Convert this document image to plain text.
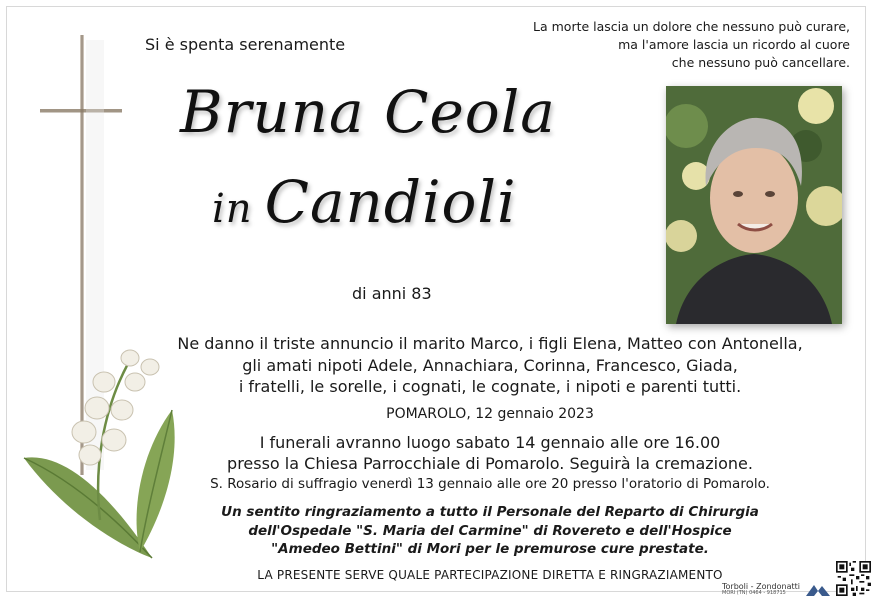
Si è spenta serenamente
La morte lascia un dolore che nessuno può curare,
ma l'amore lascia un ricordo al cuore
che nessuno può cancellare.
Bruna Ceola
in Candioli
di anni 83
Ne danno il triste annuncio il marito Marco, i figli Elena, Matteo con Antonella,
gli amati nipoti Adele, Annachiara, Corinna, Francesco, Giada,
i fratelli, le sorelle, i cognati, le cognate, i nipoti e parenti tutti.
POMAROLO, 12 gennaio 2023
I funerali avranno luogo sabato 14 gennaio alle ore 16.00
presso la Chiesa Parrocchiale di Pomarolo. Seguirà la cremazione.
S. Rosario di suffragio venerdì 13 gennaio alle ore 20 presso l'oratorio di Pomarolo.
Un sentito ringraziamento a tutto il Personale del Reparto di Chirurgia
dell'Ospedale "S. Maria del Carmine" di Rovereto e dell'Hospice
"Amedeo Bettini" di Mori per le premurose cure prestate.
LA PRESENTE SERVE QUALE PARTECIPAZIONE DIRETTA E RINGRAZIAMENTO
Torboli - Zondonatti
MORI (TN) 0464 - 918715
